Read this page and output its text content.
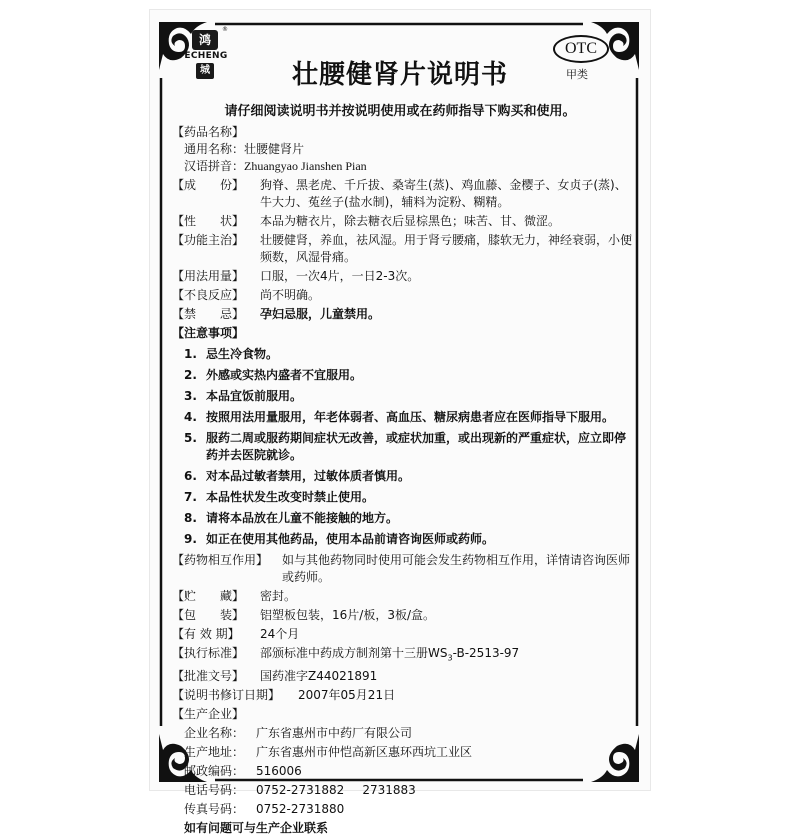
鸿
®
ECHENG
城	壮腰健肾片说明书
OTC
甲类
请仔细阅读说明书并按说明使用或在药师指导下购买和使用。
【药品名称】
通用名称： 壮腰健肾片
汉语拼音： Zhuangyao Jianshen Pian
【成　　份】	狗脊、黑老虎、千斤拔、桑寄生(蒸)、鸡血藤、金樱子、女贞子(蒸)、牛大力、菟丝子(盐水制)，辅料为淀粉、糊精。
【性　　状】	本品为糖衣片，除去糖衣后显棕黑色；味苦、甘、微涩。
【功能主治】	壮腰健肾，养血，祛风湿。用于肾亏腰痛，膝软无力，神经衰弱，小便频数，风湿骨痛。
【用法用量】	口服，一次4片，一日2-3次。
【不良反应】	尚不明确。
【禁　　忌】	孕妇忌服，儿童禁用。
【注意事项】
1. 忌生冷食物。
2. 外感或实热内盛者不宜服用。
3. 本品宜饭前服用。
4. 按照用法用量服用，年老体弱者、高血压、糖尿病患者应在医师指导下服用。
5. 服药二周或服药期间症状无改善，或症状加重，或出现新的严重症状，应立即停药并去医院就诊。
6. 对本品过敏者禁用，过敏体质者慎用。
7. 本品性状发生改变时禁止使用。
8. 请将本品放在儿童不能接触的地方。
9. 如正在使用其他药品，使用本品前请咨询医师或药师。
【药物相互作用】	如与其他药物同时使用可能会发生药物相互作用，详情请咨询医师或药师。
【贮　　藏】	密封。
【包　　装】	铝塑板包装，16片/板，3板/盒。
【有 效 期】	24个月
【执行标准】	部颁标准中药成方制剂第十三册$WS_3-B-2513-97$
【批准文号】	国药准字Z44021891
【说明书修订日期】	2007年05月21日
【生产企业】
企业名称： 广东省惠州市中药厂有限公司
生产地址： 广东省惠州市仲恺高新区惠环西坑工业区
邮政编码： 516006
电话号码： 0752-2731882 2731883
传真号码： 0752-2731880
如有问题可与生产企业联系
